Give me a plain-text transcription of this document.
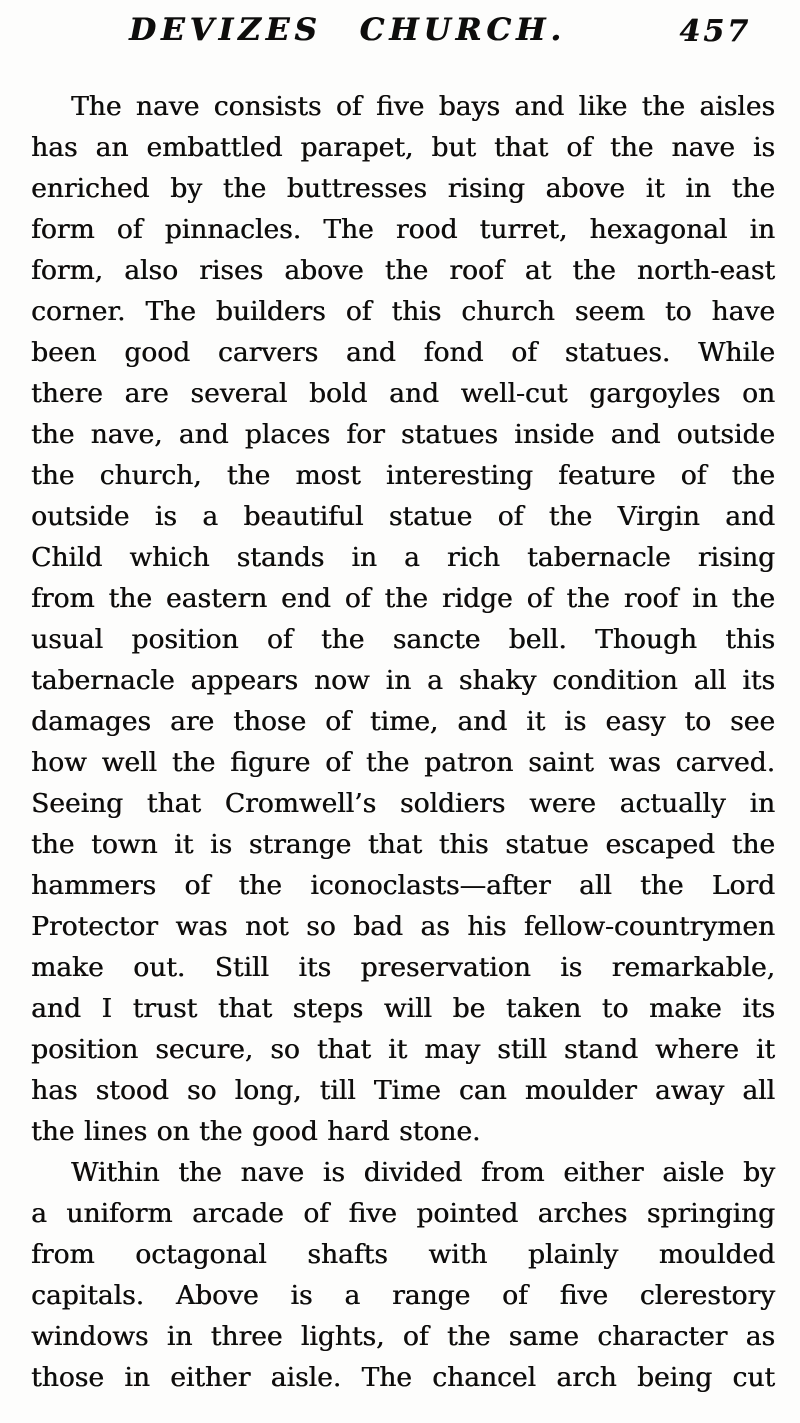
DEVIZES CHURCH.	457
The nave consists of five bays and like the aisles
has an embattled parapet, but that of the nave is
enriched by the buttresses rising above it in the
form of pinnacles. The rood turret, hexagonal in
form, also rises above the roof at the north-east
corner. The builders of this church seem to have
been good carvers and fond of statues. While
there are several bold and well-cut gargoyles on
the nave, and places for statues inside and outside
the church, the most interesting feature of the
outside is a beautiful statue of the Virgin and
Child which stands in a rich tabernacle rising
from the eastern end of the ridge of the roof in the
usual position of the sancte bell. Though this
tabernacle appears now in a shaky condition all its
damages are those of time, and it is easy to see
how well the figure of the patron saint was carved.
Seeing that Cromwell’s soldiers were actually in
the town it is strange that this statue escaped the
hammers of the iconoclasts—after all the Lord
Protector was not so bad as his fellow-countrymen
make out. Still its preservation is remarkable,
and I trust that steps will be taken to make its
position secure, so that it may still stand where it
has stood so long, till Time can moulder away all
the lines on the good hard stone.
Within the nave is divided from either aisle by
a uniform arcade of five pointed arches springing
from octagonal shafts with plainly moulded
capitals. Above is a range of five clerestory
windows in three lights, of the same character as
those in either aisle. The chancel arch being cut
